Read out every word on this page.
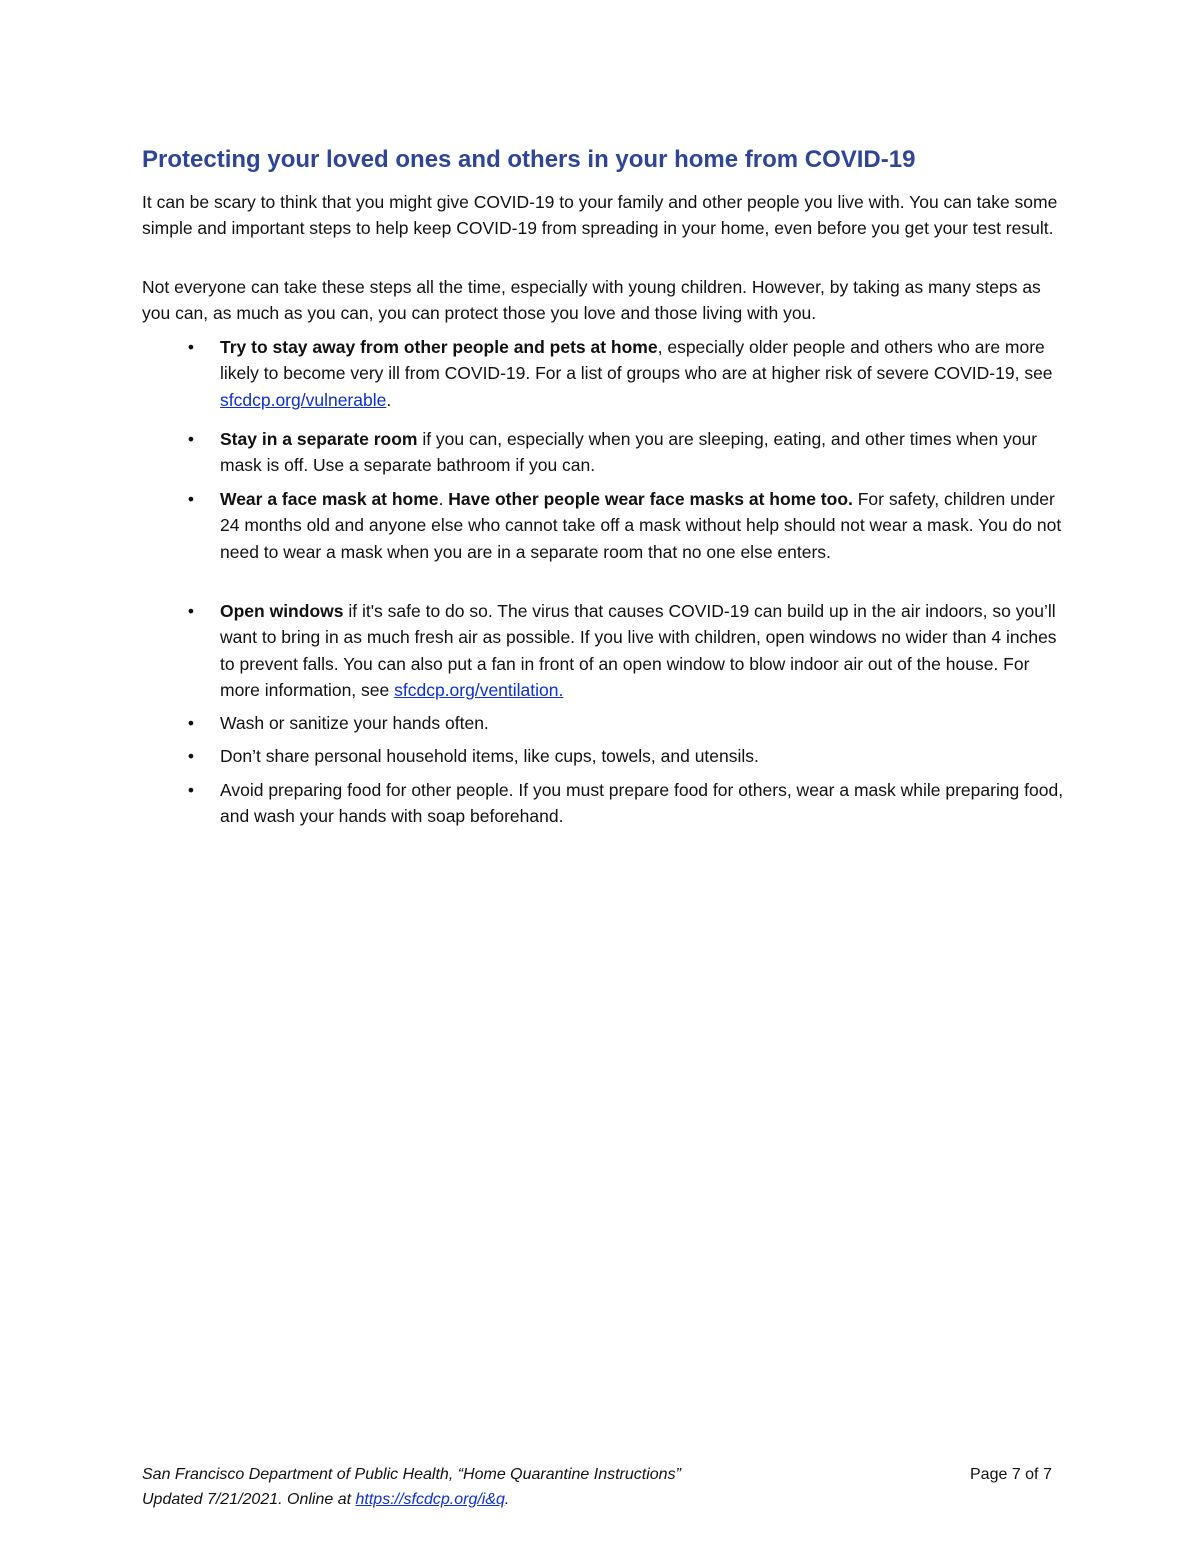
Protecting your loved ones and others in your home from COVID-19

It can be scary to think that you might give COVID-19 to your family and other people you live with. You can take some simple and important steps to help keep COVID-19 from spreading in your home, even before you get your test result.

Not everyone can take these steps all the time, especially with young children. However, by taking as many steps as you can, as much as you can, you can protect those you love and those living with you.

• Try to stay away from other people and pets at home, especially older people and others who are more likely to become very ill from COVID-19. For a list of groups who are at higher risk of severe COVID-19, see sfcdcp.org/vulnerable.
• Stay in a separate room if you can, especially when you are sleeping, eating, and other times when your mask is off. Use a separate bathroom if you can.
• Wear a face mask at home. Have other people wear face masks at home too. For safety, children under 24 months old and anyone else who cannot take off a mask without help should not wear a mask. You do not need to wear a mask when you are in a separate room that no one else enters.
• Open windows if it's safe to do so. The virus that causes COVID-19 can build up in the air indoors, so you’ll want to bring in as much fresh air as possible. If you live with children, open windows no wider than 4 inches to prevent falls. You can also put a fan in front of an open window to blow indoor air out of the house. For more information, see sfcdcp.org/ventilation.
• Wash or sanitize your hands often.
• Don’t share personal household items, like cups, towels, and utensils.
• Avoid preparing food for other people. If you must prepare food for others, wear a mask while preparing food, and wash your hands with soap beforehand.
San Francisco Department of Public Health, “Home Quarantine Instructions”
Updated 7/21/2021. Online at https://sfcdcp.org/i&q.
Page 7 of 7
